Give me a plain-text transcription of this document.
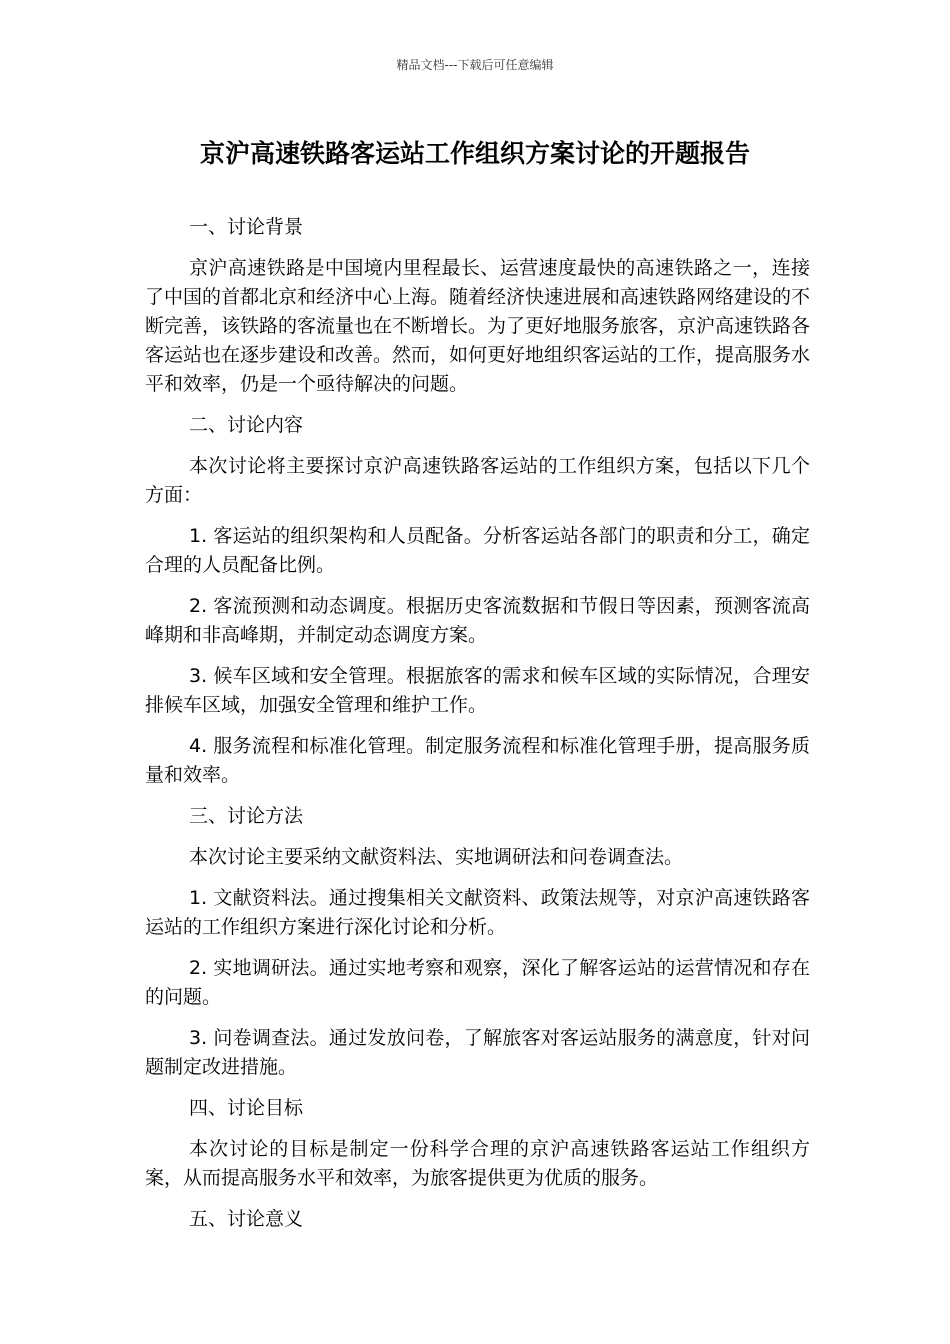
精品文档---下载后可任意编辑
京沪高速铁路客运站工作组织方案讨论的开题报告
一、讨论背景
京沪高速铁路是中国境内里程最长、运营速度最快的高速铁路之一，连接了中国的首都北京和经济中心上海。随着经济快速进展和高速铁路网络建设的不断完善，该铁路的客流量也在不断增长。为了更好地服务旅客，京沪高速铁路各客运站也在逐步建设和改善。然而，如何更好地组织客运站的工作，提高服务水平和效率，仍是一个亟待解决的问题。
二、讨论内容
本次讨论将主要探讨京沪高速铁路客运站的工作组织方案，包括以下几个方面：
1. 客运站的组织架构和人员配备。分析客运站各部门的职责和分工，确定合理的人员配备比例。
2. 客流预测和动态调度。根据历史客流数据和节假日等因素，预测客流高峰期和非高峰期，并制定动态调度方案。
3. 候车区域和安全管理。根据旅客的需求和候车区域的实际情况，合理安排候车区域，加强安全管理和维护工作。
4. 服务流程和标准化管理。制定服务流程和标准化管理手册，提高服务质量和效率。
三、讨论方法
本次讨论主要采纳文献资料法、实地调研法和问卷调查法。
1. 文献资料法。通过搜集相关文献资料、政策法规等，对京沪高速铁路客运站的工作组织方案进行深化讨论和分析。
2. 实地调研法。通过实地考察和观察，深化了解客运站的运营情况和存在的问题。
3. 问卷调查法。通过发放问卷，了解旅客对客运站服务的满意度，针对问题制定改进措施。
四、讨论目标
本次讨论的目标是制定一份科学合理的京沪高速铁路客运站工作组织方案，从而提高服务水平和效率，为旅客提供更为优质的服务。
五、讨论意义
